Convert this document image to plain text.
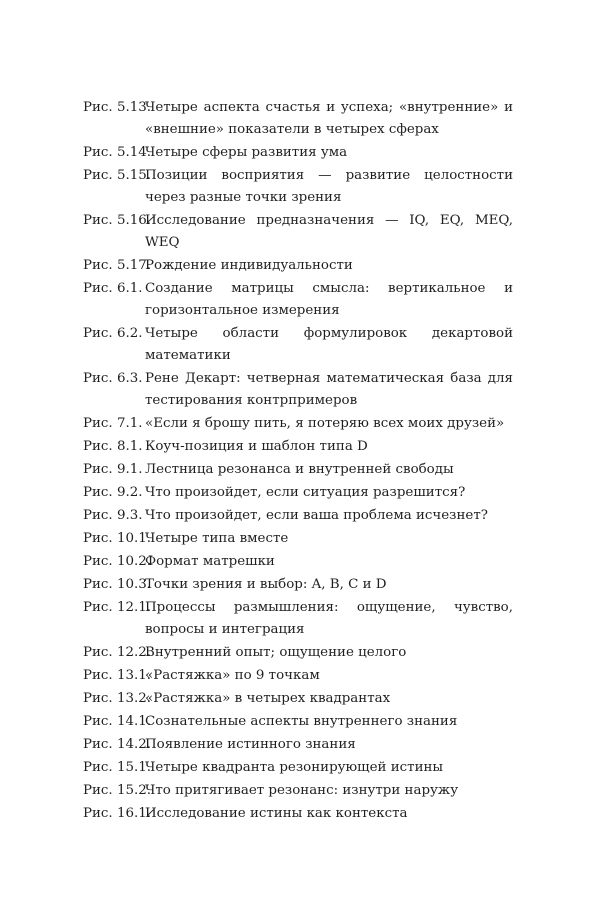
Рис. 5.13.
Четыре аспекта счастья и успеха; «внутренние» и «внешние» показатели в четырех сферах
Рис. 5.14.
Четыре сферы развития ума
Рис. 5.15.
Позиции восприятия — развитие целостности через разные точки зрения
Рис. 5.16.
Исследование предназначения — IQ, EQ, MEQ, WEQ
Рис. 5.17.
Рождение индивидуальности
Рис. 6.1. Создание матрицы смысла: вертикальное и горизонтальное измерения
Рис. 6.2. Четыре области формулировок декартовой математики
Рис. 6.3. Рене Декарт: четверная математическая база для тестирования контрпримеров
Рис. 7.1. «Если я брошу пить, я потеряю всех моих друзей»
Рис. 8.1. Коуч-позиция и шаблон типа D
Рис. 9.1. Лестница резонанса и внутренней свободы
Рис. 9.2. Что произойдет, если ситуация разрешится?
Рис. 9.3. Что произойдет, если ваша проблема исчезнет?
Рис. 10.1.
Четыре типа вместе
Рис. 10.2.
Формат матрешки
Рис. 10.3.
Точки зрения и выбор: A, B, C и D
Рис. 12.1.
Процессы размышления: ощущение, чувство, вопросы и интеграция
Рис. 12.2.
Внутренний опыт; ощущение целого
Рис. 13.1.
«Растяжка» по 9 точкам
Рис. 13.2.
«Растяжка» в четырех квадрантах
Рис. 14.1.
Сознательные аспекты внутреннего знания
Рис. 14.2.
Появление истинного знания
Рис. 15.1.
Четыре квадранта резонирующей истины
Рис. 15.2.
Что притягивает резонанс: изнутри наружу
Рис. 16.1.
Исследование истины как контекста
